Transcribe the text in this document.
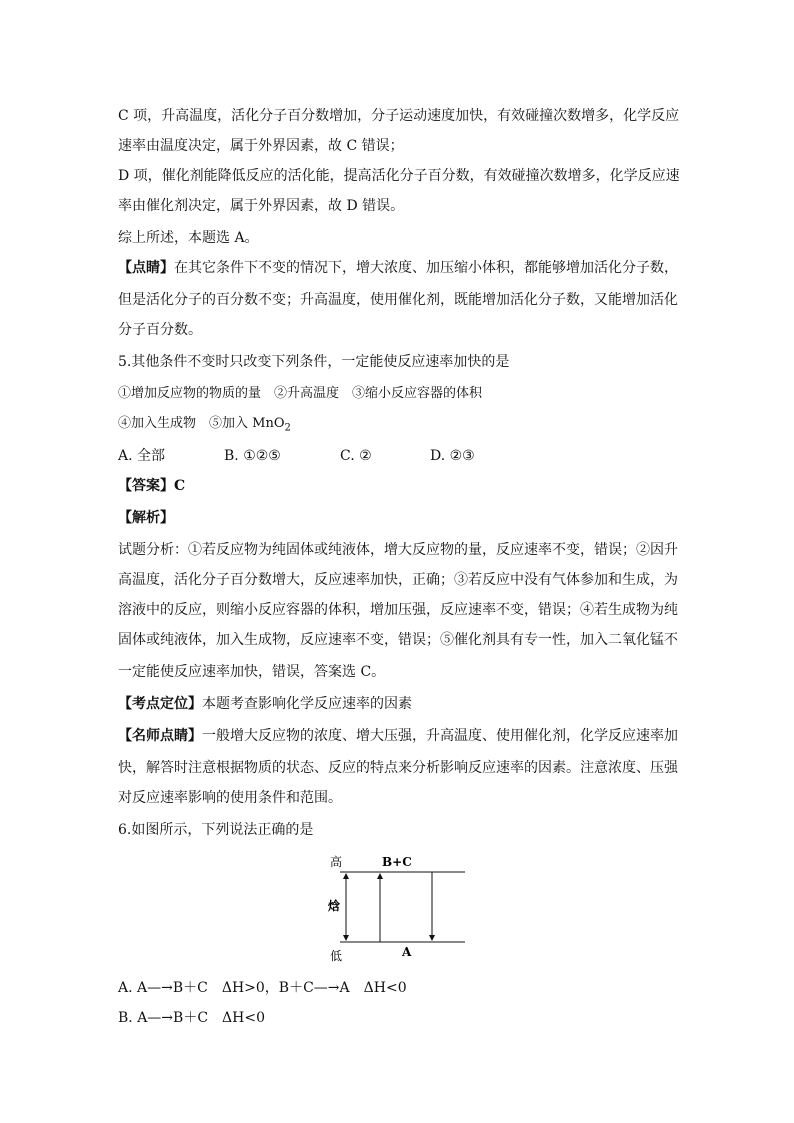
C 项，升高温度，活化分子百分数增加，分子运动速度加快，有效碰撞次数增多，化学反应
速率由温度决定，属于外界因素，故 C 错误；
D 项，催化剂能降低反应的活化能，提高活化分子百分数，有效碰撞次数增多，化学反应速
率由催化剂决定，属于外界因素，故 D 错误。
综上所述，本题选 A。
【点睛】在其它条件下不变的情况下，增大浓度、加压缩小体积，都能够增加活化分子数，
但是活化分子的百分数不变；升高温度，使用催化剂，既能增加活化分子数，又能增加活化
分子百分数。
5.其他条件不变时只改变下列条件，一定能使反应速率加快的是
①增加反应物的物质的量　②升高温度　③缩小反应容器的体积
④加入生成物　⑤加入 MnO$_2$
A. 全部	B. ①②⑤	C. ②	D. ②③
【答案】C
【解析】
试题分析：①若反应物为纯固体或纯液体，增大反应物的量，反应速率不变，错误；②因升
高温度，活化分子百分数增大，反应速率加快，正确；③若反应中没有气体参加和生成，为
溶液中的反应，则缩小反应容器的体积，增加压强，反应速率不变，错误；④若生成物为纯
固体或纯液体，加入生成物，反应速率不变，错误；⑤催化剂具有专一性，加入二氧化锰不
一定能使反应速率加快，错误，答案选 C。
【考点定位】本题考查影响化学反应速率的因素
【名师点睛】一般增大反应物的浓度、增大压强，升高温度、使用催化剂，化学反应速率加
快，解答时注意根据物质的状态、反应的特点来分析影响反应速率的因素。注意浓度、压强
对反应速率影响的使用条件和范围。
6.如图所示，下列说法正确的是
高	B+C
焓
低	A
A. A—→B＋C　ΔH>0，B＋C—→A　ΔH<0
B. A—→B＋C　ΔH<0
